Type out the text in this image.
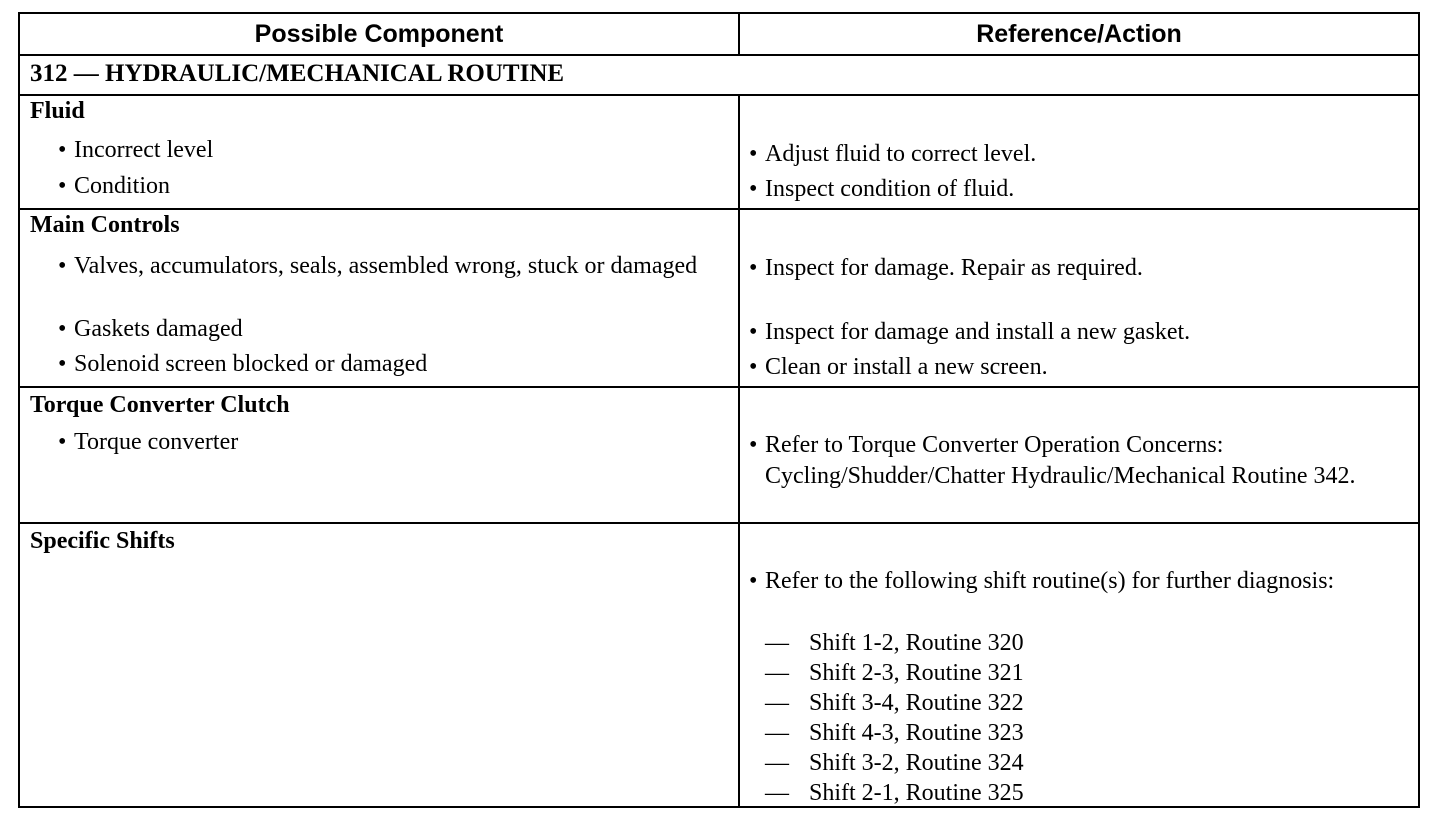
Possible Component	Reference/Action
312 — HYDRAULIC/MECHANICAL ROUTINE
Fluid
• Incorrect level
• Condition
• Adjust fluid to correct level.
• Inspect condition of fluid.
Main Controls
• Valves, accumulators, seals, assembled wrong, stuck or damaged
• Gaskets damaged
• Solenoid screen blocked or damaged
• Inspect for damage. Repair as required.
• Inspect for damage and install a new gasket.
• Clean or install a new screen.
Torque Converter Clutch
• Torque converter	• Refer to Torque Converter Operation Concerns: Cycling/Shudder/Chatter Hydraulic/Mechanical Routine 342.
Specific Shifts
• Refer to the following shift routine(s) for further diagnosis:
— Shift 1-2, Routine 320
— Shift 2-3, Routine 321
— Shift 3-4, Routine 322
— Shift 4-3, Routine 323
— Shift 3-2, Routine 324
— Shift 2-1, Routine 325
